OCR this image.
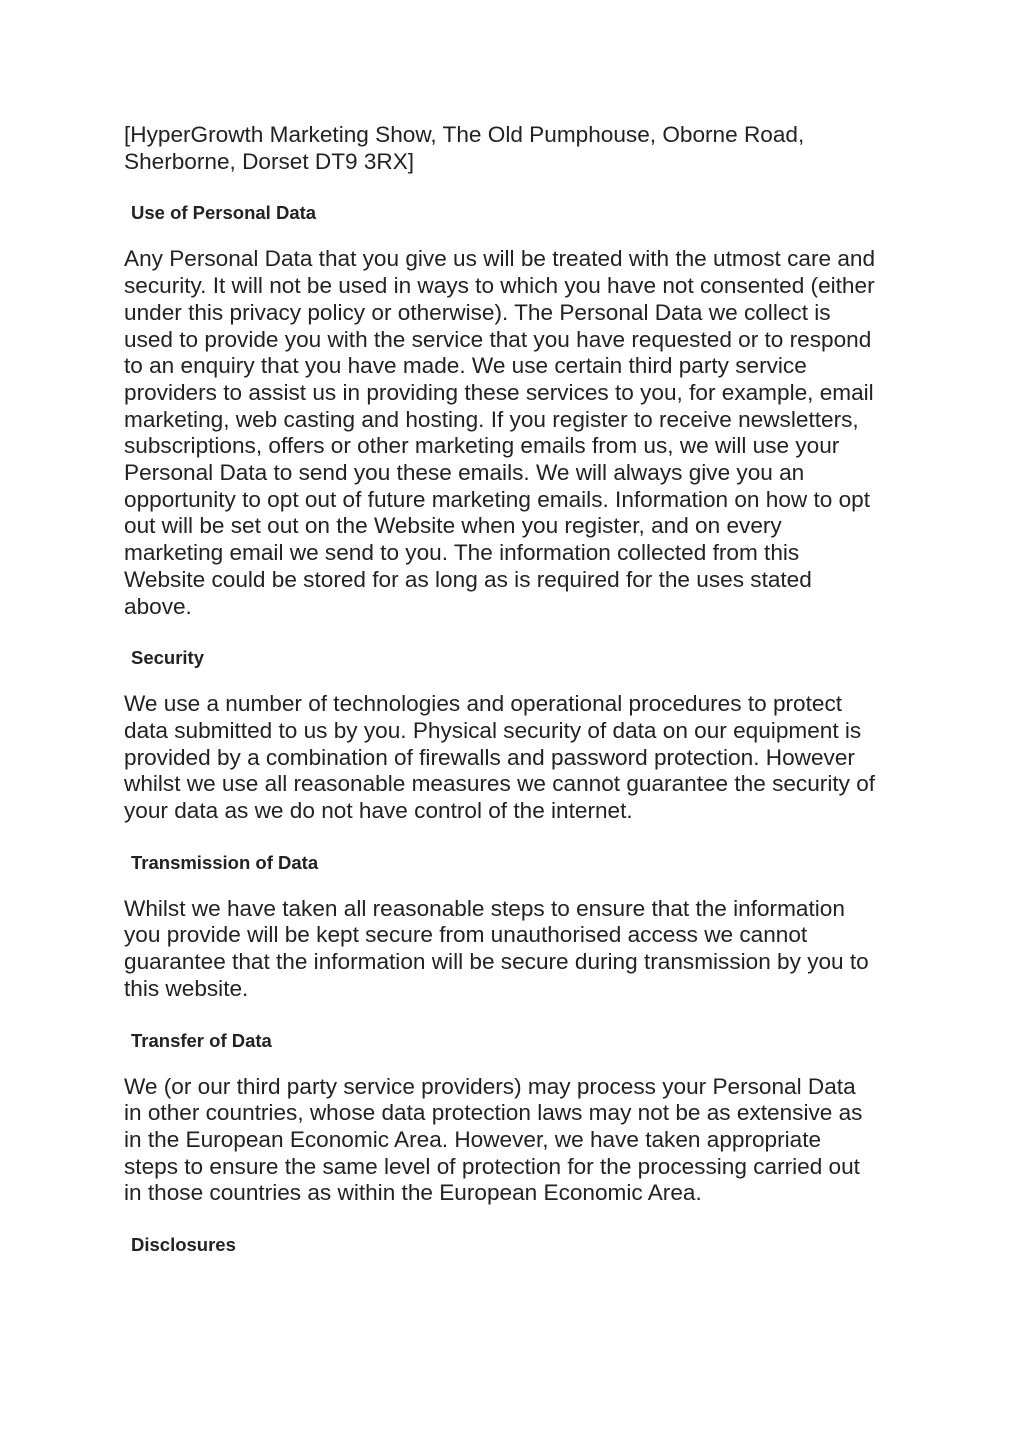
[HyperGrowth Marketing Show, The Old Pumphouse, Oborne Road,
Sherborne, Dorset DT9 3RX]

Use of Personal Data

Any Personal Data that you give us will be treated with the utmost care and
security. It will not be used in ways to which you have not consented (either
under this privacy policy or otherwise). The Personal Data we collect is
used to provide you with the service that you have requested or to respond
to an enquiry that you have made. We use certain third party service
providers to assist us in providing these services to you, for example, email
marketing, web casting and hosting. If you register to receive newsletters,
subscriptions, offers or other marketing emails from us, we will use your
Personal Data to send you these emails. We will always give you an
opportunity to opt out of future marketing emails. Information on how to opt
out will be set out on the Website when you register, and on every
marketing email we send to you. The information collected from this
Website could be stored for as long as is required for the uses stated
above.

Security

We use a number of technologies and operational procedures to protect
data submitted to us by you. Physical security of data on our equipment is
provided by a combination of firewalls and password protection. However
whilst we use all reasonable measures we cannot guarantee the security of
your data as we do not have control of the internet.

Transmission of Data

Whilst we have taken all reasonable steps to ensure that the information
you provide will be kept secure from unauthorised access we cannot
guarantee that the information will be secure during transmission by you to
this website.

Transfer of Data

We (or our third party service providers) may process your Personal Data
in other countries, whose data protection laws may not be as extensive as
in the European Economic Area. However, we have taken appropriate
steps to ensure the same level of protection for the processing carried out
in those countries as within the European Economic Area.

Disclosures
